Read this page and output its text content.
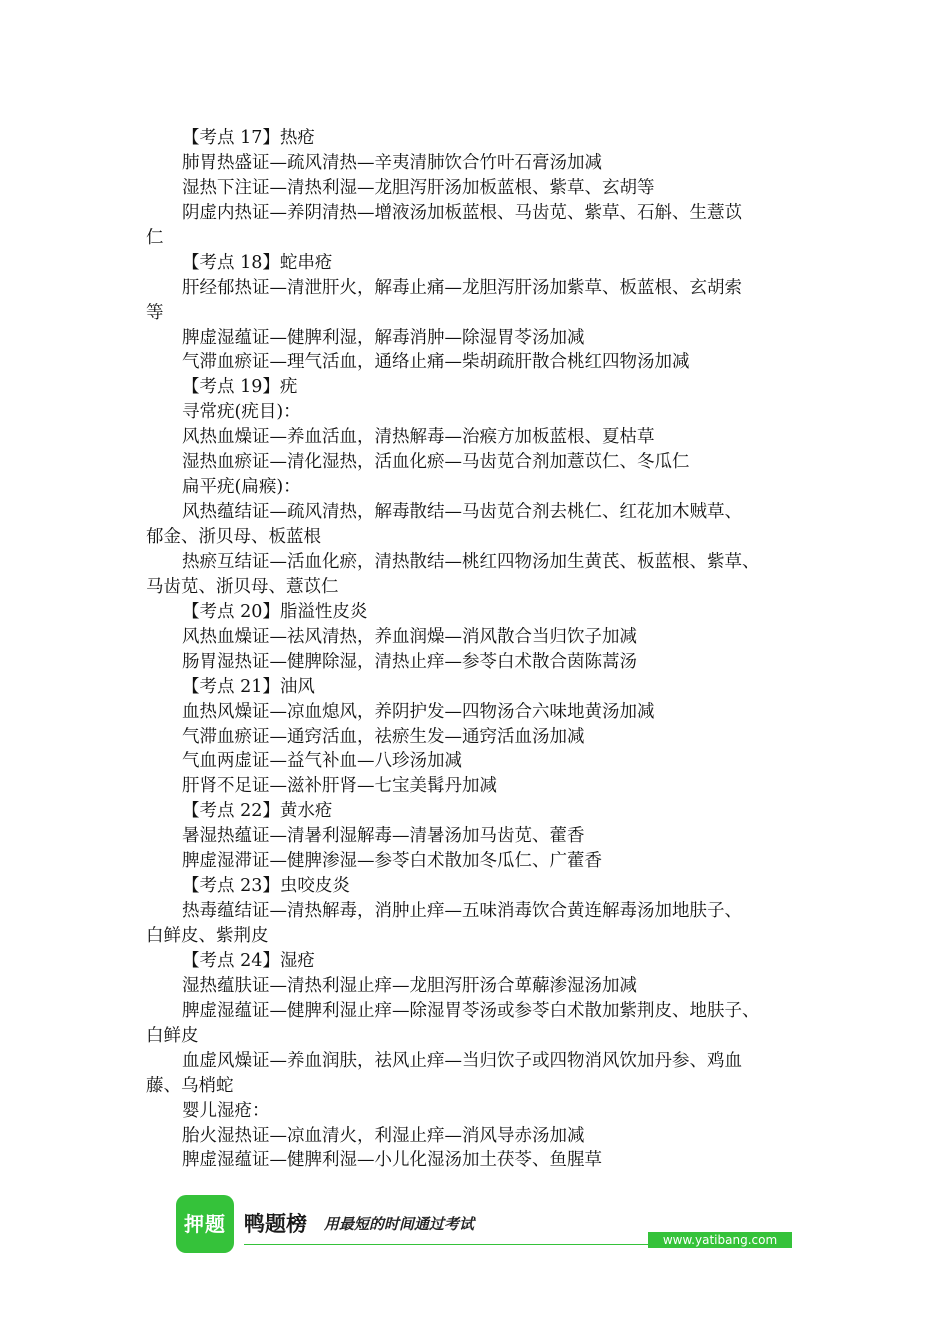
【考点 17】热疮
肺胃热盛证—疏风清热—辛夷清肺饮合竹叶石膏汤加减
湿热下注证—清热利湿—龙胆泻肝汤加板蓝根、紫草、玄胡等
阴虚内热证—养阴清热—增液汤加板蓝根、马齿苋、紫草、石斛、生薏苡
仁
【考点 18】蛇串疮
肝经郁热证—清泄肝火，解毒止痛—龙胆泻肝汤加紫草、板蓝根、玄胡索
等
脾虚湿蕴证—健脾利湿，解毒消肿—除湿胃苓汤加减
气滞血瘀证—理气活血，通络止痛—柴胡疏肝散合桃红四物汤加减
【考点 19】疣
寻常疣(疣目)：
风热血燥证—养血活血，清热解毒—治瘊方加板蓝根、夏枯草
湿热血瘀证—清化湿热，活血化瘀—马齿苋合剂加薏苡仁、冬瓜仁
扁平疣(扁瘊)：
风热蕴结证—疏风清热，解毒散结—马齿苋合剂去桃仁、红花加木贼草、
郁金、浙贝母、板蓝根
热瘀互结证—活血化瘀，清热散结—桃红四物汤加生黄芪、板蓝根、紫草、
马齿苋、浙贝母、薏苡仁
【考点 20】脂溢性皮炎
风热血燥证—祛风清热，养血润燥—消风散合当归饮子加减
肠胃湿热证—健脾除湿，清热止痒—参苓白术散合茵陈蒿汤
【考点 21】油风
血热风燥证—凉血熄风，养阴护发—四物汤合六味地黄汤加减
气滞血瘀证—通窍活血，祛瘀生发—通窍活血汤加减
气血两虚证—益气补血—八珍汤加减
肝肾不足证—滋补肝肾—七宝美髯丹加减
【考点 22】黄水疮
暑湿热蕴证—清暑利湿解毒—清暑汤加马齿苋、藿香
脾虚湿滞证—健脾渗湿—参苓白术散加冬瓜仁、广藿香
【考点 23】虫咬皮炎
热毒蕴结证—清热解毒，消肿止痒—五味消毒饮合黄连解毒汤加地肤子、
白鲜皮、紫荆皮
【考点 24】湿疮
湿热蕴肤证—清热利湿止痒—龙胆泻肝汤合萆薢渗湿汤加减
脾虚湿蕴证—健脾利湿止痒—除湿胃苓汤或参苓白术散加紫荆皮、地肤子、
白鲜皮
血虚风燥证—养血润肤，祛风止痒—当归饮子或四物消风饮加丹参、鸡血
藤、乌梢蛇
婴儿湿疮：
胎火湿热证—凉血清火，利湿止痒—消风导赤汤加减
脾虚湿蕴证—健脾利湿—小儿化湿汤加土茯苓、鱼腥草
押题 鸭题榜 用最短的时间通过考试
www.yatibang.com
